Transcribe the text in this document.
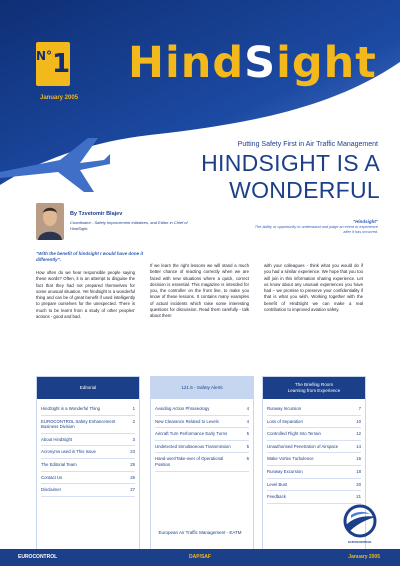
$^{N^\circ}$1
January 2005
HindSight
Putting Safety First in Air Traffic Management
HINDSIGHT IS A
WONDERFUL
By Tzvetomir Blajev
Coordinator - Safety Improvement Initiatives, and Editor in Chief of HindSight.
"Hindsight"
The ability or opportunity to understand and judge an event or experience after it has occurred.
"With the benefit of hindsight I would have done it differently".
How often do we hear responsible people saying these words? Often, it is an attempt to disguise the fact that they had not prepared themselves for some unusual situation. Yet hindsight is a wonderful thing and can be of great benefit if used intelligently to prepare ourselves for the unexpected. There is much to be learnt from a study of other peoples' actions - good and bad.
If we learn the right lessons we will stand a much better chance of reacting correctly when we are faced with new situations where a quick, correct decision is essential. This magazine is intended for you, the controller on the front line, to make you know of these lessons. It contains many examples of actual incidents which raise some interesting questions for discussion. Read them carefully - talk about them
with your colleagues - think what you would do if you had a similar experience. We hope that you too will join in this information sharing experience. Let us know about any unusual experiences you have had – we promise to preserve your confidentiality if that is what you wish. Working together with the benefit of HindSight we can make a real contribution to improved aviation safety.
Editorial
HindSight is a Wonderful Thing	1
EUROCONTROL Safety Enhancement Business Division
2
About HindSight	3
Acronyms used in This Issue	23
The Editorial Team	25
Contact Us	26
Disclaimer	27
121.5 - Safety Alerts
Avoiding Action Phraseology	4
New Clearance Related to Levels	4
Aircraft Turn Performance Early Turns	5
Undetected Simultaneous Transmission	5
Hand-over/Take-over of Operational Position
6
The Briefing Room
Learning from Experience
Runway Incursion	7
Loss of Separation	10
Controlled Flight Into Terrain	12
Unauthorised Penetration of Airspace	14
Wake Vortex Turbulence	16
Runway Excursion	18
Level Bust	20
Feedback	21
European Air Traffic Management - EATM
EUROCONTROL
DAP/SAF
EUROCONTROL	January 2005
